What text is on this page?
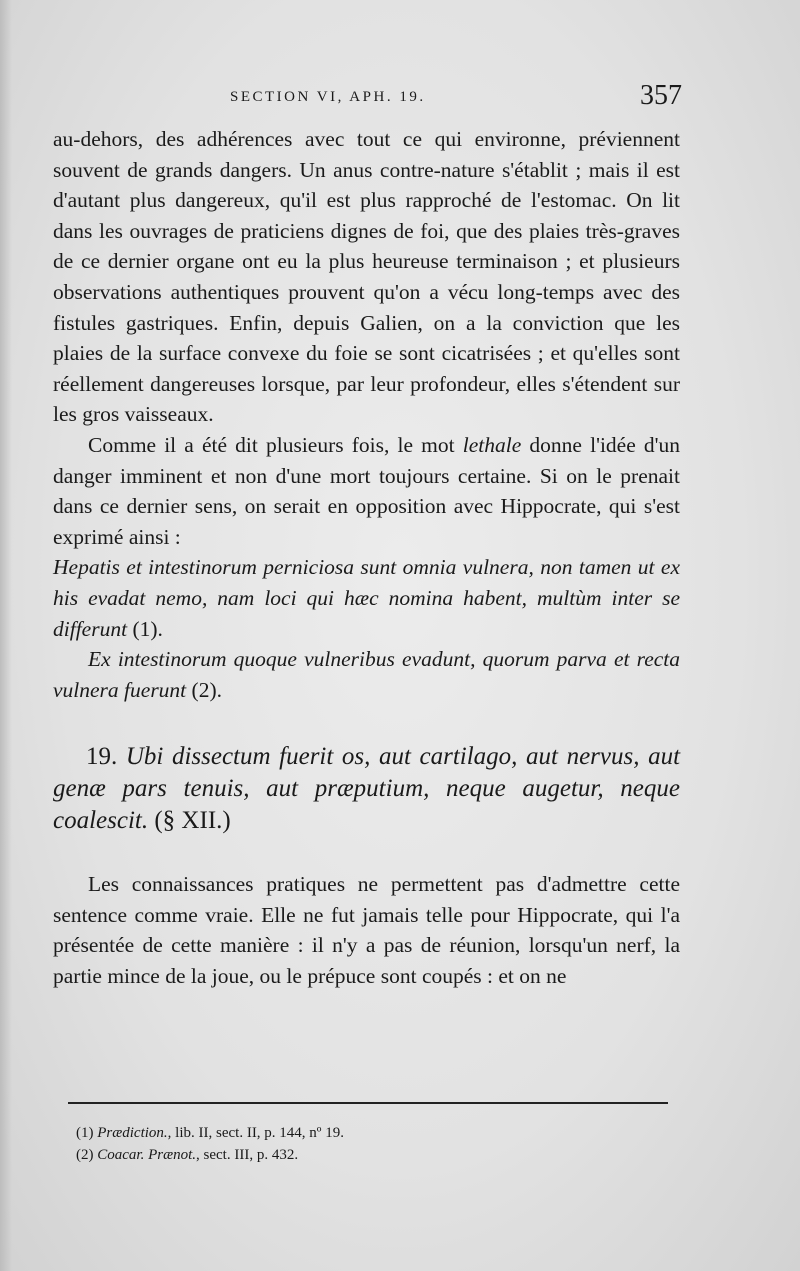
SECTION VI, APH. 19.	357

au-dehors, des adhérences avec tout ce qui environne, préviennent souvent de grands dangers. Un anus contre-nature s'établit ; mais il est d'autant plus dangereux, qu'il est plus rapproché de l'estomac. On lit dans les ouvrages de praticiens dignes de foi, que des plaies très-graves de ce dernier organe ont eu la plus heureuse terminaison ; et plusieurs observations authentiques prouvent qu'on a vécu long-temps avec des fistules gastriques. Enfin, depuis Galien, on a la conviction que les plaies de la surface convexe du foie se sont cicatrisées ; et qu'elles sont réellement dangereuses lorsque, par leur profondeur, elles s'étendent sur les gros vaisseaux.

Comme il a été dit plusieurs fois, le mot lethale donne l'idée d'un danger imminent et non d'une mort toujours certaine. Si on le prenait dans ce dernier sens, on serait en opposition avec Hippocrate, qui s'est exprimé ainsi :

Hepatis et intestinorum perniciosa sunt omnia vulnera, non tamen ut ex his evadat nemo, nam loci qui hæc nomina habent, multùm inter se differunt (1).

Ex intestinorum quoque vulneribus evadunt, quorum parva et recta vulnera fuerunt (2).

19. Ubi dissectum fuerit os, aut cartilago, aut nervus, aut genæ pars tenuis, aut præputium, neque augetur, neque coalescit. (§ XII.)

Les connaissances pratiques ne permettent pas d'admettre cette sentence comme vraie. Elle ne fut jamais telle pour Hippocrate, qui l'a présentée de cette manière : il n'y a pas de réunion, lorsqu'un nerf, la partie mince de la joue, ou le prépuce sont coupés : et on ne

(1) Prædiction., lib. II, sect. II, p. 144, nº 19.

(2) Coacar. Prænot., sect. III, p. 432.
